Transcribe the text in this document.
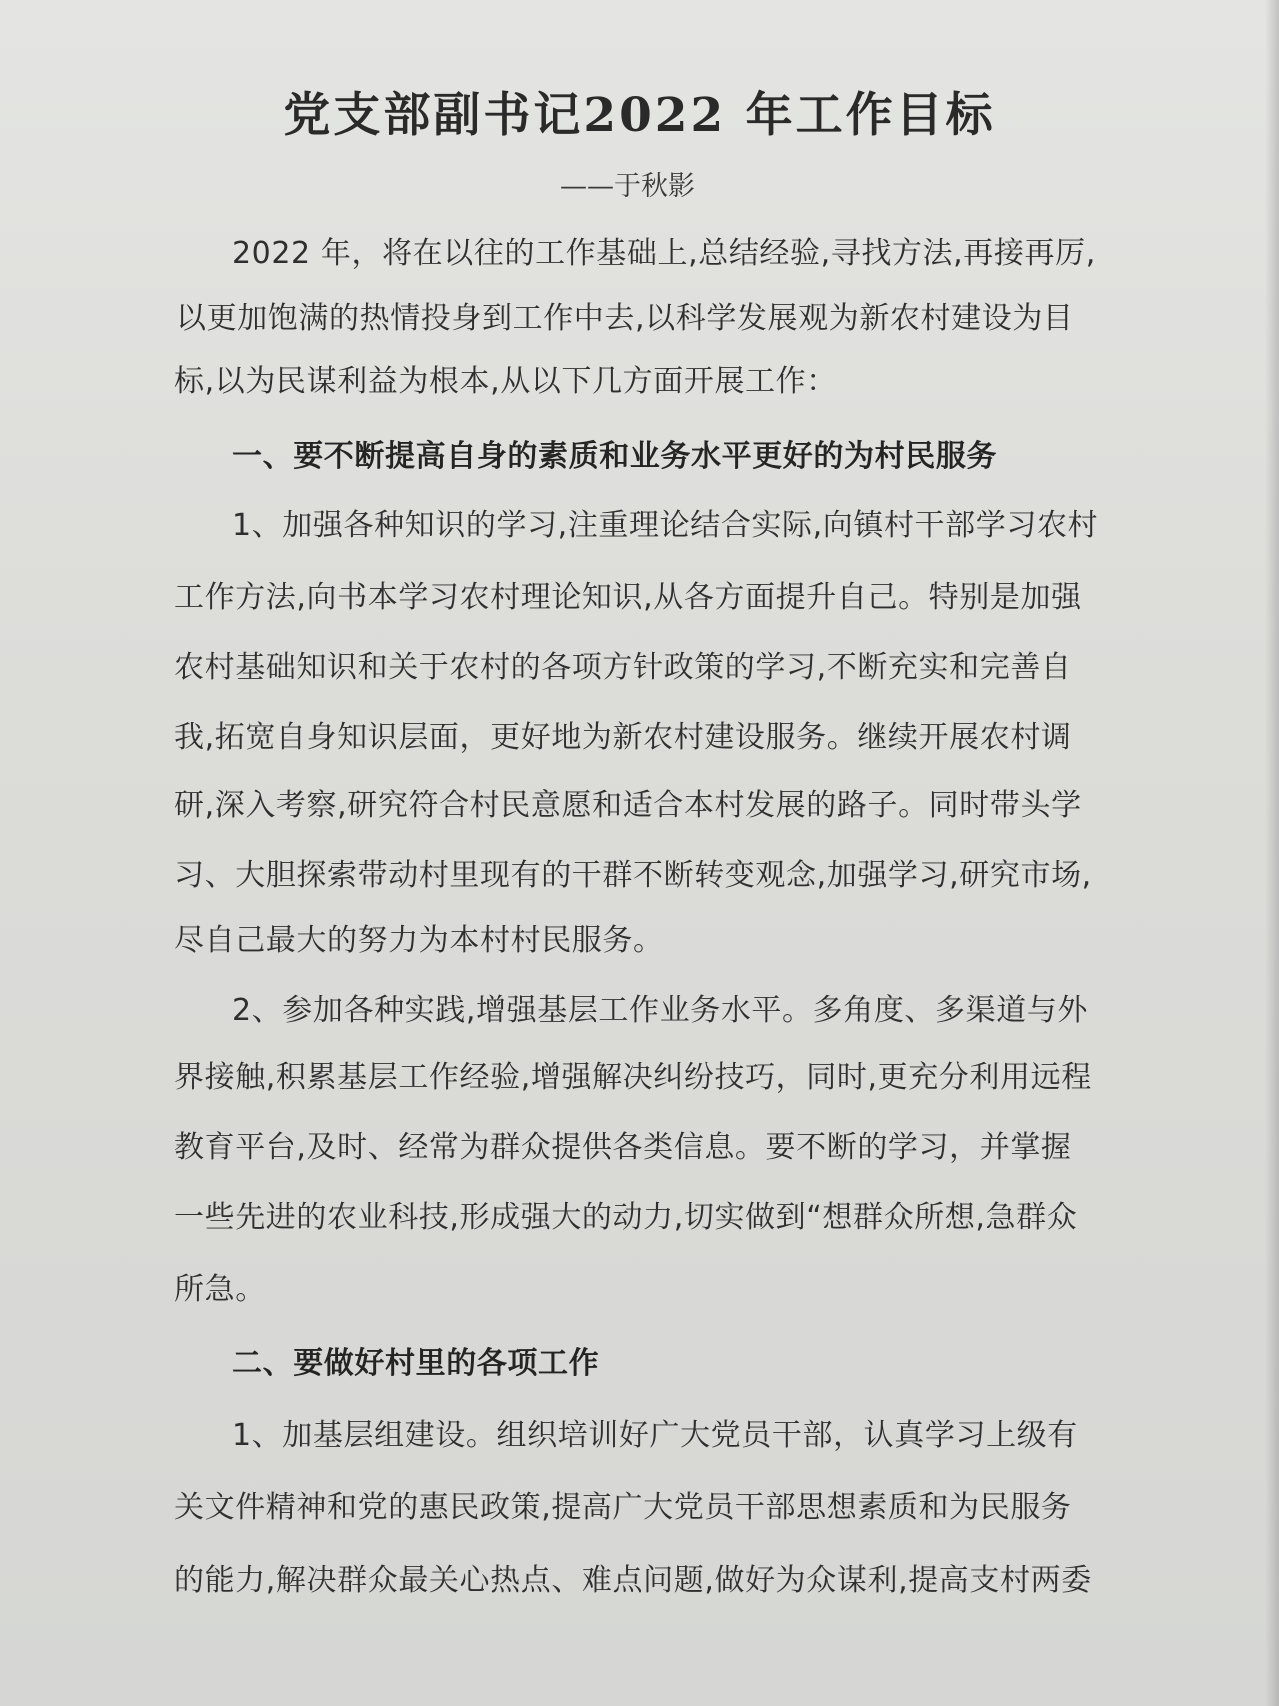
党支部副书记2022 年工作目标
——于秋影
2022 年，将在以往的工作基础上,总结经验,寻找方法,再接再厉,
以更加饱满的热情投身到工作中去,以科学发展观为新农村建设为目
标,以为民谋利益为根本,从以下几方面开展工作：
一、要不断提高自身的素质和业务水平更好的为村民服务
1、加强各种知识的学习,注重理论结合实际,向镇村干部学习农村
工作方法,向书本学习农村理论知识,从各方面提升自己。特别是加强
农村基础知识和关于农村的各项方针政策的学习,不断充实和完善自
我,拓宽自身知识层面，更好地为新农村建设服务。继续开展农村调
研,深入考察,研究符合村民意愿和适合本村发展的路子。同时带头学
习、大胆探索带动村里现有的干群不断转变观念,加强学习,研究市场,
尽自己最大的努力为本村村民服务。
2、参加各种实践,增强基层工作业务水平。多角度、多渠道与外
界接触,积累基层工作经验,增强解决纠纷技巧，同时,更充分利用远程
教育平台,及时、经常为群众提供各类信息。要不断的学习，并掌握
一些先进的农业科技,形成强大的动力,切实做到“想群众所想,急群众
所急。
二、要做好村里的各项工作
1、加基层组建设。组织培训好广大党员干部，认真学习上级有
关文件精神和党的惠民政策,提高广大党员干部思想素质和为民服务
的能力,解决群众最关心热点、难点问题,做好为众谋利,提高支村两委
